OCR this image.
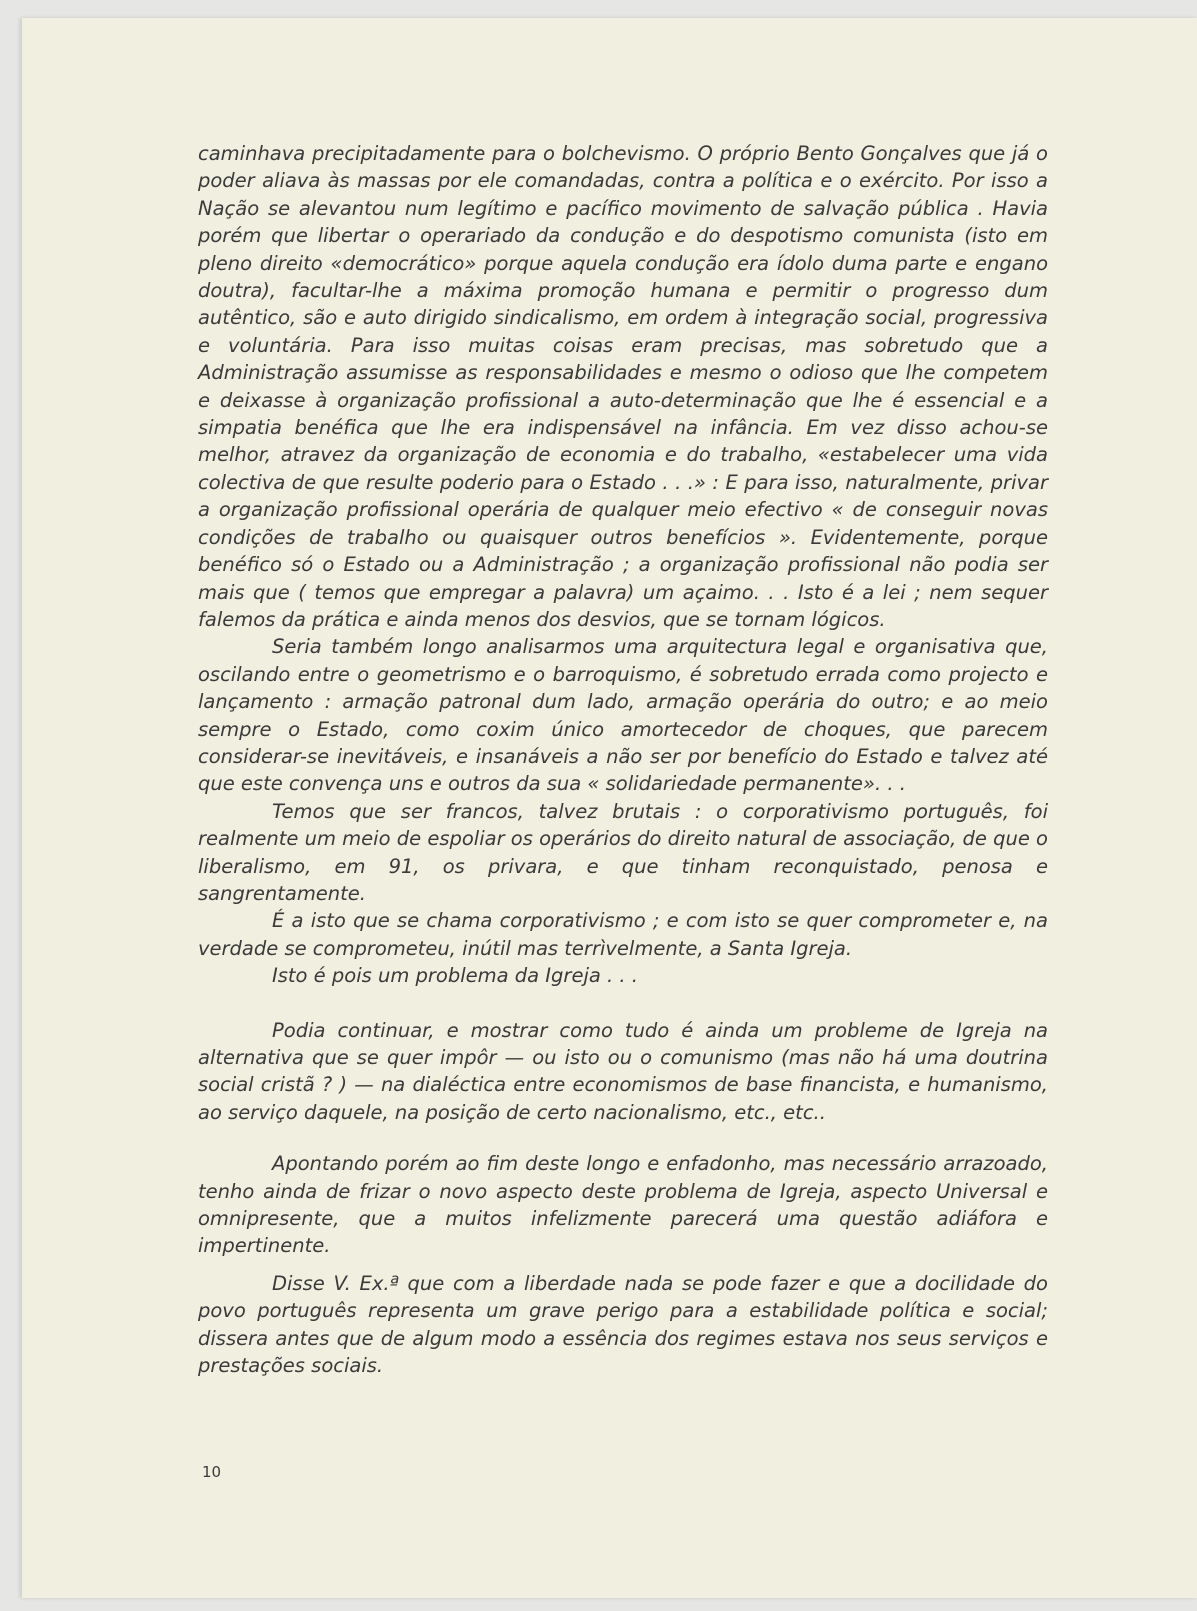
caminhava precipitadamente para o bolchevismo. O próprio Bento Gonçalves que já o poder aliava às massas por ele comandadas, contra a política e o exército. Por isso a Nação se alevantou num legítimo e pacífico movimento de salvação pública . Havia porém que libertar o operariado da condução e do despotismo comunista (isto em pleno direito «democrático» porque aquela condução era ídolo duma parte e engano doutra), facultar-lhe a máxima promoção humana e permitir o progresso dum autêntico, são e auto dirigido sindicalismo, em ordem à integração social, progressiva e voluntária. Para isso muitas coisas eram precisas, mas sobretudo que a Administração assumisse as responsabilidades e mesmo o odioso que lhe competem e deixasse à organização profissional a auto-determinação que lhe é essencial e a simpatia benéfica que lhe era indispensável na infância. Em vez disso achou-se melhor, atravez da organização de economia e do trabalho, «estabelecer uma vida colectiva de que resulte poderio para o Estado . . .» : E para isso, naturalmente, privar a organização profissional operária de qualquer meio efectivo « de conseguir novas condições de trabalho ou quaisquer outros benefícios ». Evidentemente, porque benéfico só o Estado ou a Administração ; a organização profissional não podia ser mais que ( temos que empregar a palavra) um açaimo. . . Isto é a lei ; nem sequer falemos da prática e ainda menos dos desvios, que se tornam lógicos.

Seria também longo analisarmos uma arquitectura legal e organisativa que, oscilando entre o geometrismo e o barroquismo, é sobretudo errada como projecto e lançamento : armação patronal dum lado, armação operária do outro; e ao meio sempre o Estado, como coxim único amortecedor de choques, que parecem considerar-se inevitáveis, e insanáveis a não ser por benefício do Estado e talvez até que este convença uns e outros da sua « solidariedade permanente». . .

Temos que ser francos, talvez brutais : o corporativismo português, foi realmente um meio de espoliar os operários do direito natural de associação, de que o liberalismo, em 91, os privara, e que tinham reconquistado, penosa e sangrentamente.

É a isto que se chama corporativismo ; e com isto se quer comprometer e, na verdade se comprometeu, inútil mas terrìvelmente, a Santa Igreja.

Isto é pois um problema da Igreja . . .

Podia continuar, e mostrar como tudo é ainda um probleme de Igreja na alternativa que se quer impôr — ou isto ou o comunismo (mas não há uma doutrina social cristã ? ) — na dialéctica entre economismos de base financista, e humanismo, ao serviço daquele, na posição de certo nacionalismo, etc., etc..

Apontando porém ao fim deste longo e enfadonho, mas necessário arrazoado, tenho ainda de frizar o novo aspecto deste problema de Igreja, aspecto Universal e omnipresente, que a muitos infelizmente parecerá uma questão adiáfora e impertinente.

Disse V. Ex.ª que com a liberdade nada se pode fazer e que a docilidade do povo português representa um grave perigo para a estabilidade política e social; dissera antes que de algum modo a essência dos regimes estava nos seus serviços e prestações sociais.

10
